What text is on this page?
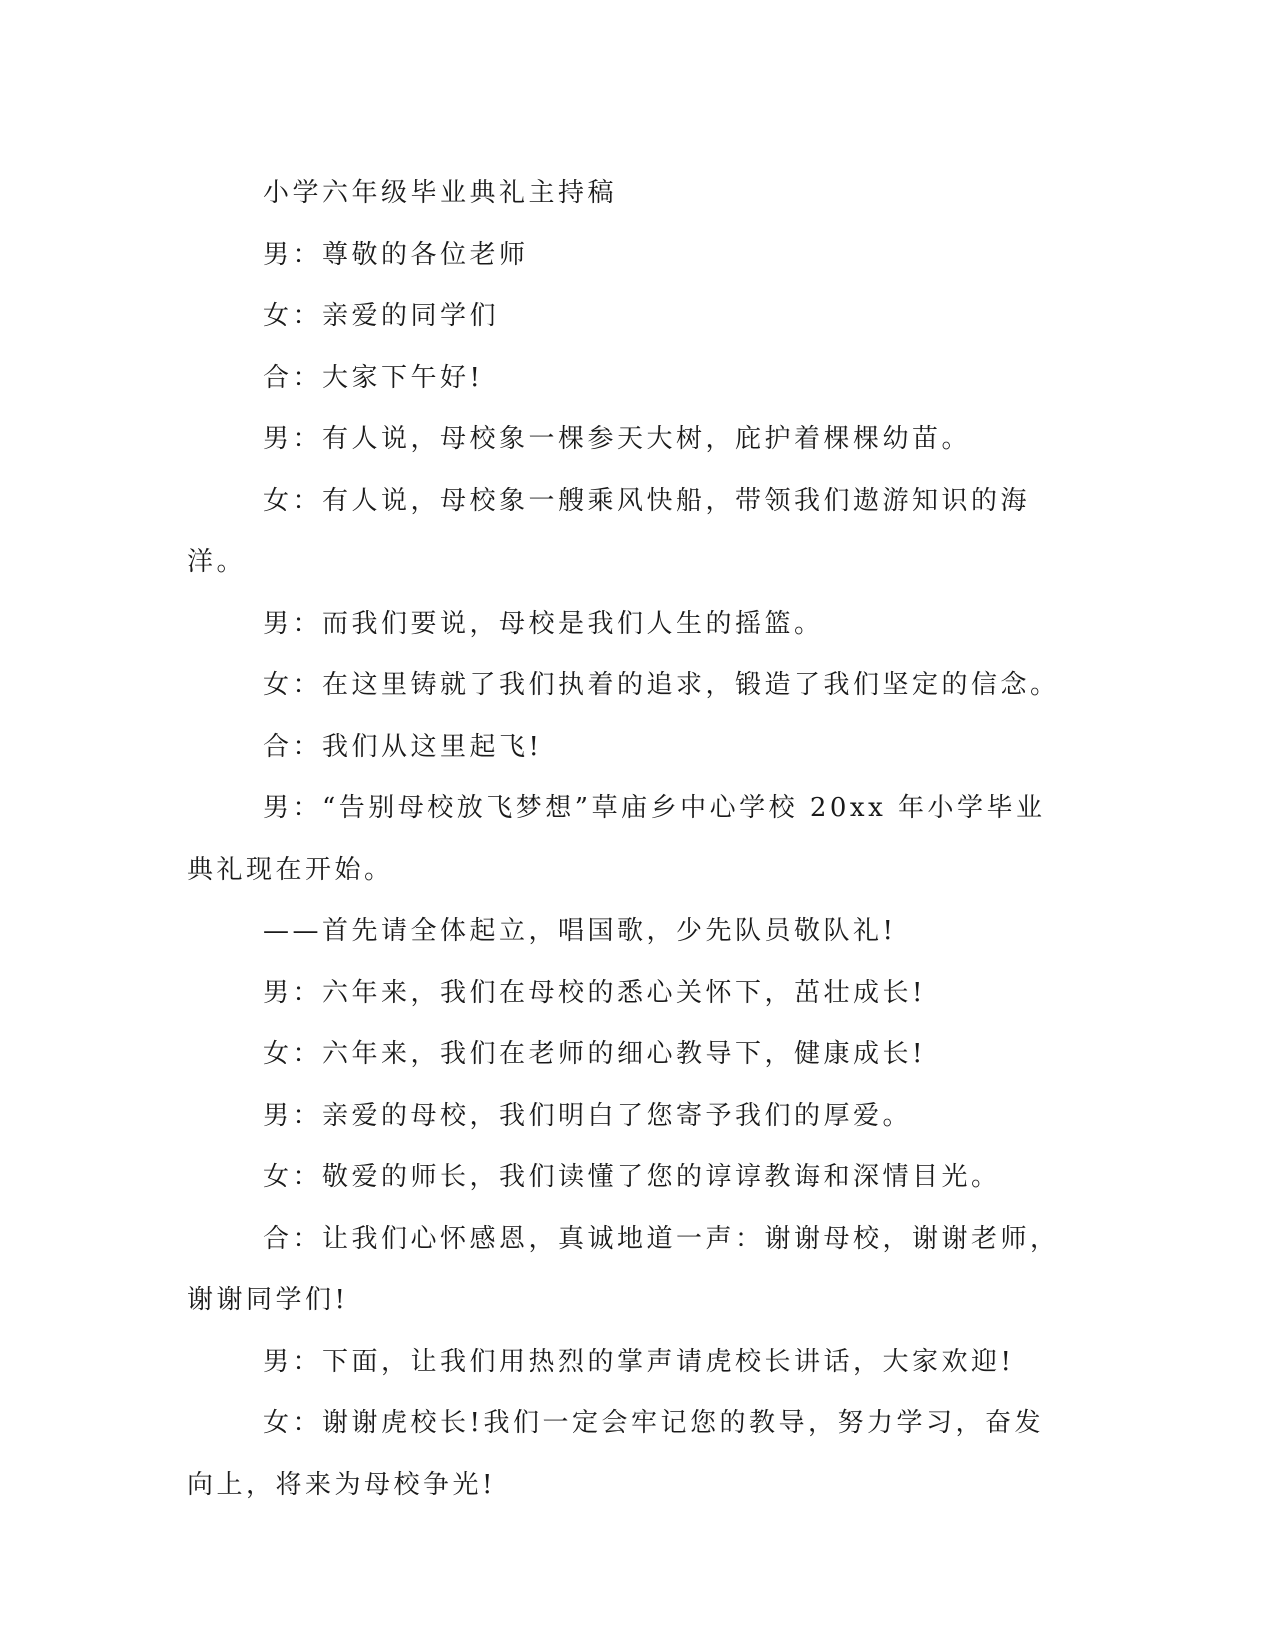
小学六年级毕业典礼主持稿

男：尊敬的各位老师

女：亲爱的同学们

合：大家下午好!

男：有人说，母校象一棵参天大树，庇护着棵棵幼苗。

女：有人说，母校象一艘乘风快船，带领我们遨游知识的海洋。

男：而我们要说，母校是我们人生的摇篮。

女：在这里铸就了我们执着的追求，锻造了我们坚定的信念。

合：我们从这里起飞!

男：“告别母校放飞梦想”草庙乡中心学校 20xx 年小学毕业典礼现在开始。

——首先请全体起立，唱国歌，少先队员敬队礼!

男：六年来，我们在母校的悉心关怀下，茁壮成长!

女：六年来，我们在老师的细心教导下，健康成长!

男：亲爱的母校，我们明白了您寄予我们的厚爱。

女：敬爱的师长，我们读懂了您的谆谆教诲和深情目光。

合：让我们心怀感恩，真诚地道一声：谢谢母校，谢谢老师，谢谢同学们!

男：下面，让我们用热烈的掌声请虎校长讲话，大家欢迎!

女：谢谢虎校长!我们一定会牢记您的教导，努力学习，奋发向上，将来为母校争光!
